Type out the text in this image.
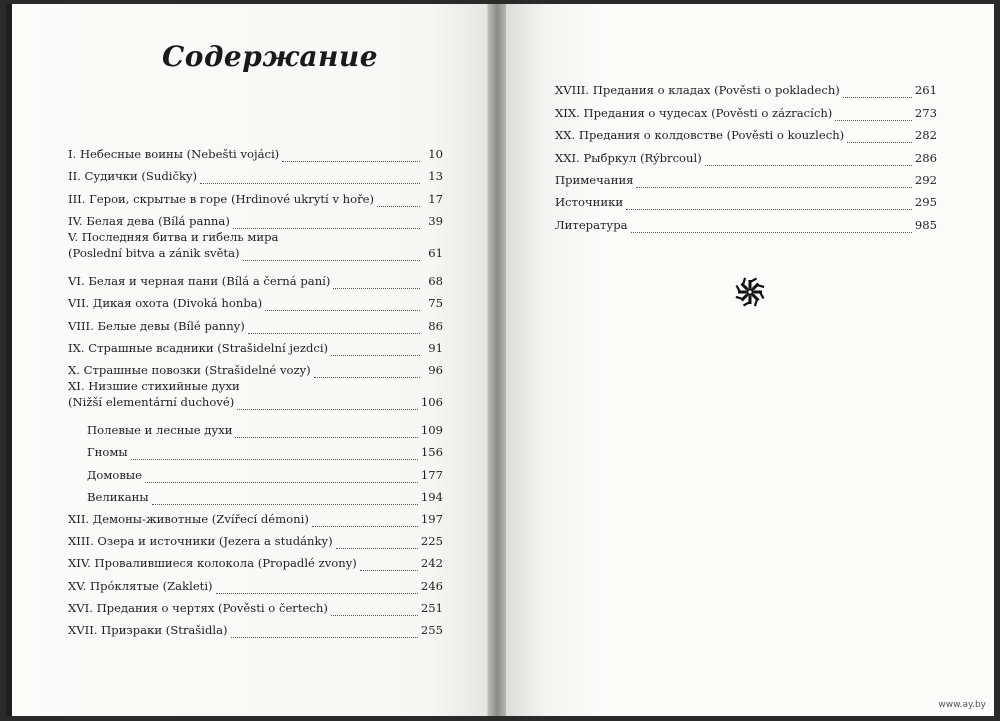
Содержание
I. Небесные воины (Nebešti vojáci)	10
II. Судички (Sudičky)	13
III. Герои, скрытые в горе (Hrdinové ukrytí v hoře)	17
IV. Белая дева (Bílá panna)	39
V. Последняя битва и гибель мира
(Poslední bitva a zánik světa)	61
VI. Белая и черная пани (Bílá a černá paní)	68
VII. Дикая охота (Divoká honba)	75
VIII. Белые девы (Bílé panny)	86
IX. Страшные всадники (Strašidelní jezdci)	91
X. Страшные повозки (Strašidelné vozy)	96
XI. Низшие стихийные духи
(Nižší elementární duchové)	106
Полевые и лесные духи	109
Гномы	156
Домовые	177
Великаны	194
XII. Демоны-животные (Zvířecí démoni)	197
XIII. Озера и источники (Jezera a studánky)	225
XIV. Провалившиеся колокола (Propadlé zvony)	242
XV. Прóклятые (Zakleti)	246
XVI. Предания о чертях (Pověsti o čertech)	251
XVII. Призраки (Strašidla)	255
XVIII. Предания о кладах (Pověsti o pokladech)	261
XIX. Предания о чудесах (Pověsti o zázracích)	273
XX. Предания о колдовстве (Pověsti o kouzlech)	282
XXI. Рыбркул (Rýbrcoul)	286
Примечания	292
Источники	295
Литература	985
www.ay.by
